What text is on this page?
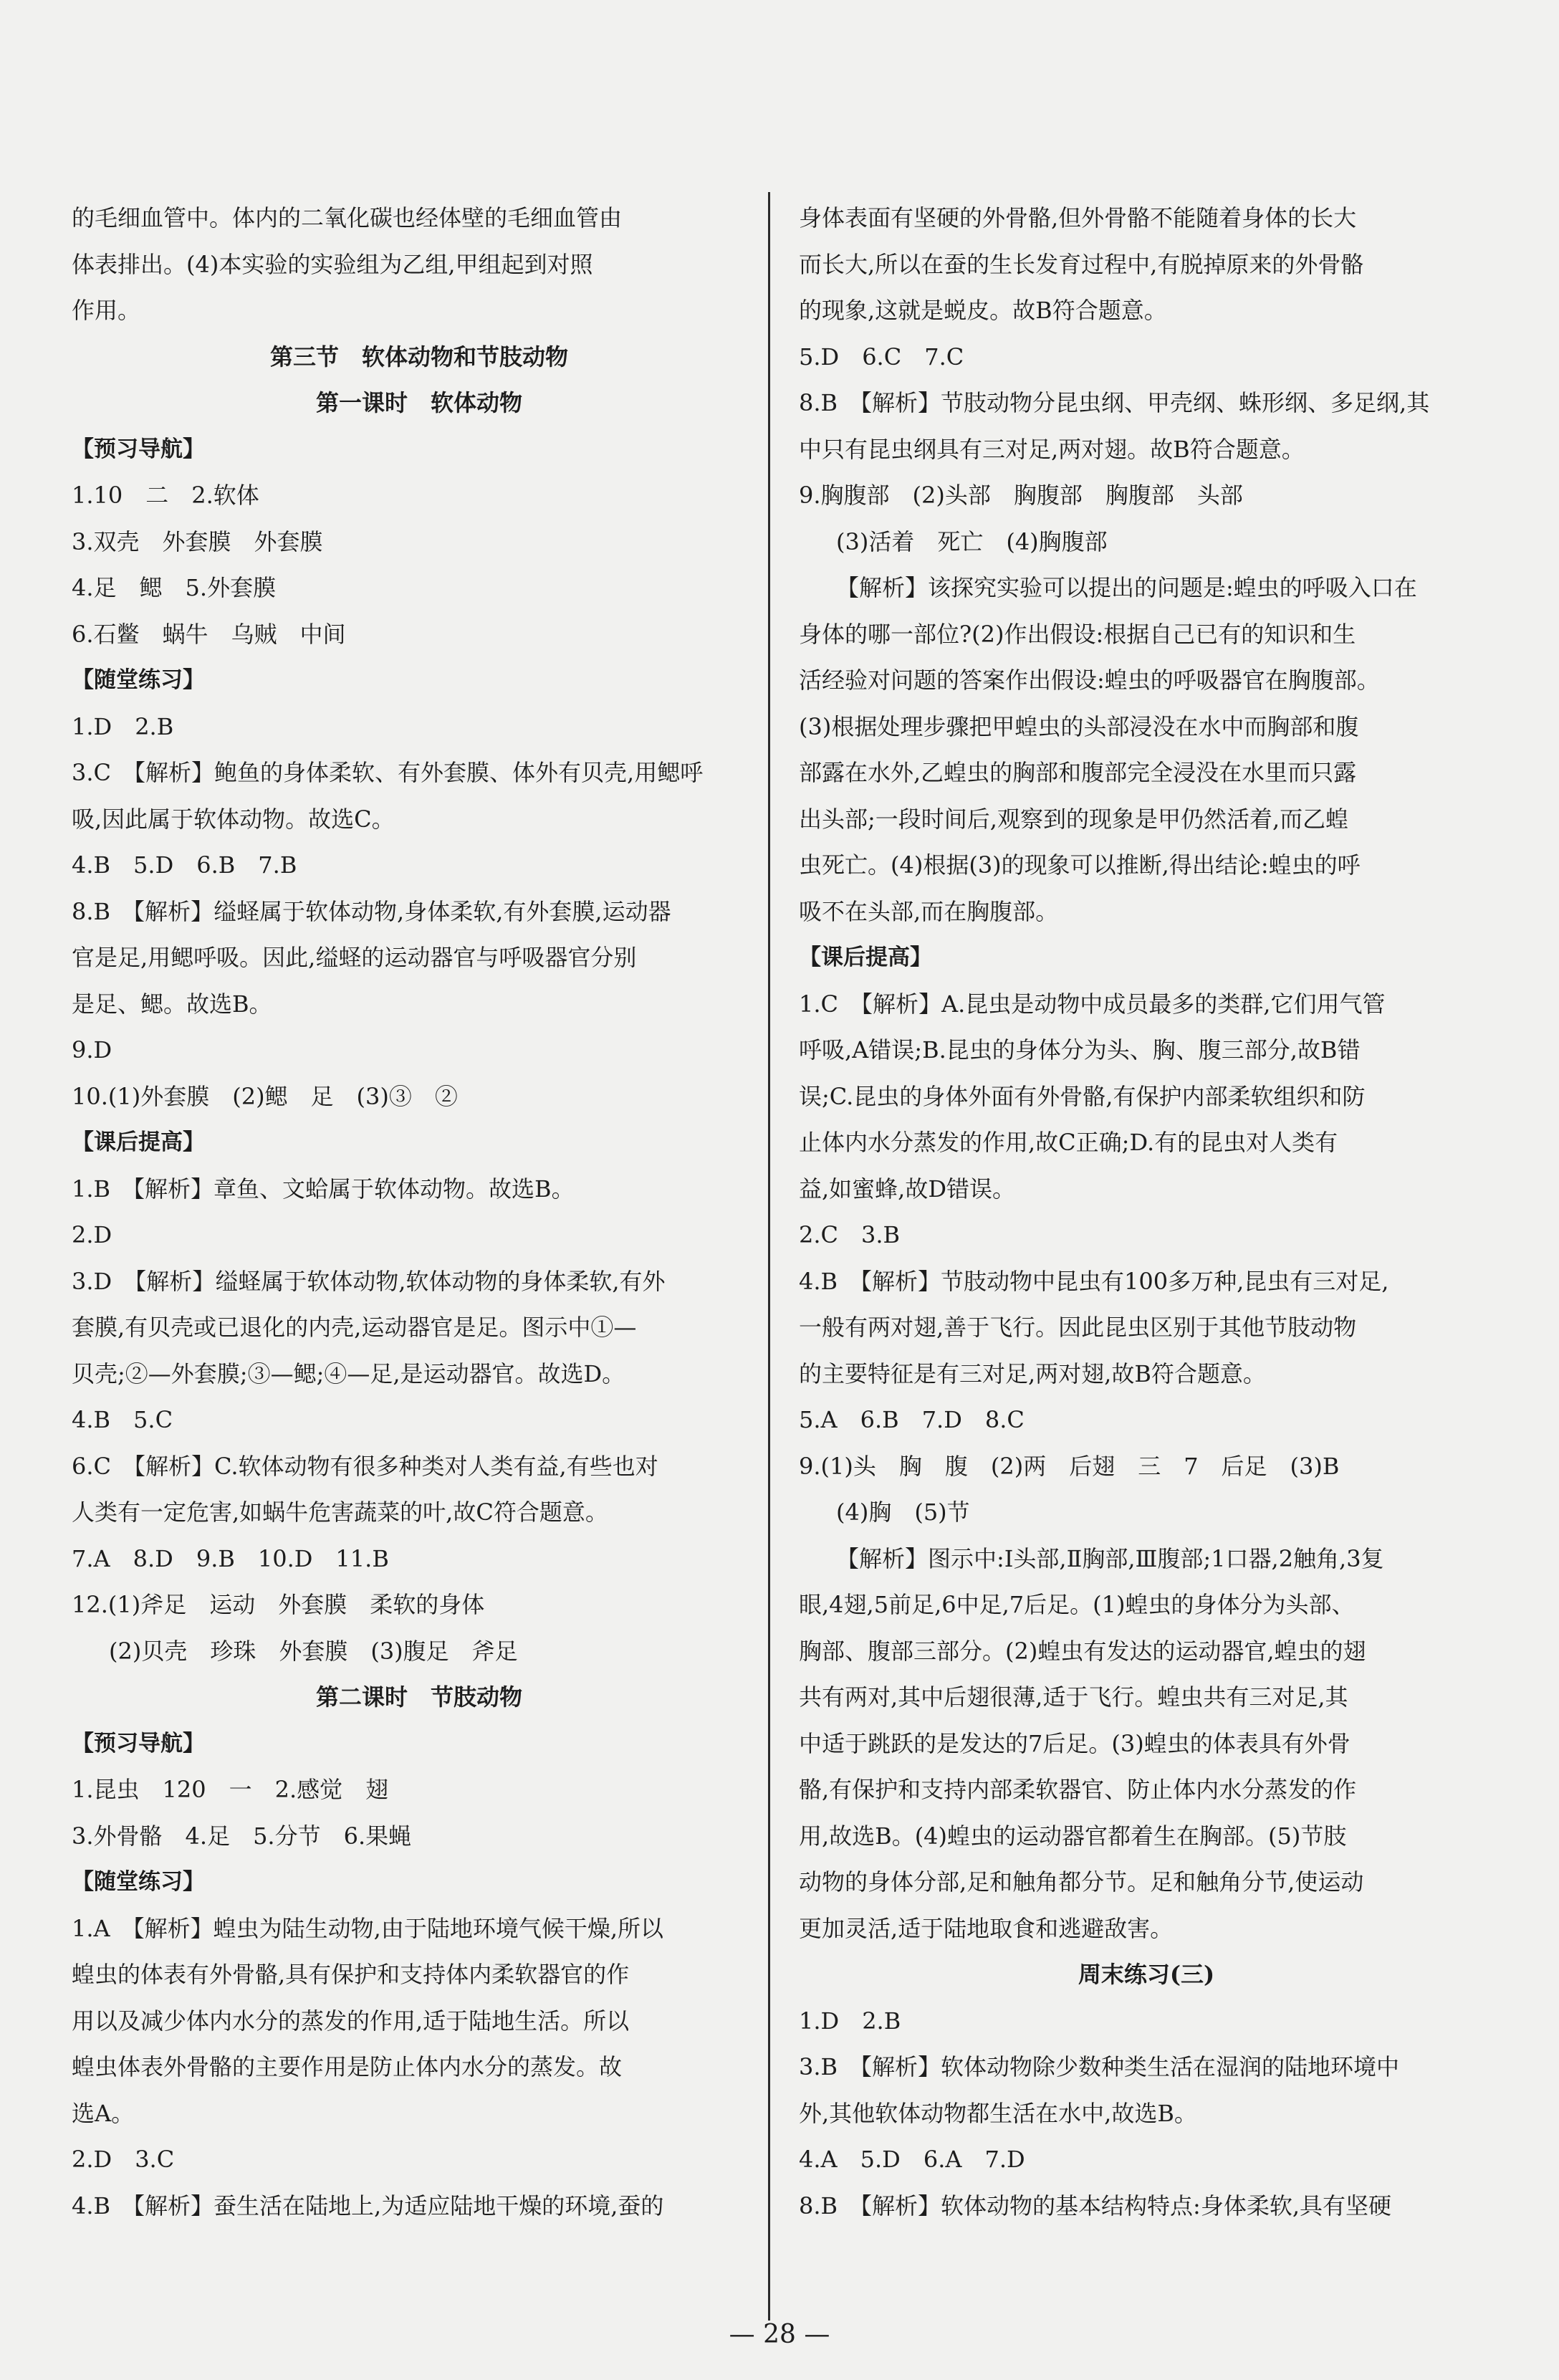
的毛细血管中。体内的二氧化碳也经体壁的毛细血管由
体表排出。(4)本实验的实验组为乙组,甲组起到对照
作用。
第三节　软体动物和节肢动物
第一课时　软体动物
【预习导航】
1.10　二　2.软体
3.双壳　外套膜　外套膜
4.足　鳃　5.外套膜
6.石鳖　蜗牛　乌贼　中间
【随堂练习】
1.D　2.B
3.C　【解析】鲍鱼的身体柔软、有外套膜、体外有贝壳,用鳃呼
吸,因此属于软体动物。故选C。
4.B　5.D　6.B　7.B
8.B　【解析】缢蛏属于软体动物,身体柔软,有外套膜,运动器
官是足,用鳃呼吸。因此,缢蛏的运动器官与呼吸器官分别
是足、鳃。故选B。
9.D
10.(1)外套膜　(2)鳃　足　(3)③　②
【课后提高】
1.B　【解析】章鱼、文蛤属于软体动物。故选B。
2.D
3.D　【解析】缢蛏属于软体动物,软体动物的身体柔软,有外
套膜,有贝壳或已退化的内壳,运动器官是足。图示中①—
贝壳;②—外套膜;③—鳃;④—足,是运动器官。故选D。
4.B　5.C
6.C　【解析】C.软体动物有很多种类对人类有益,有些也对
人类有一定危害,如蜗牛危害蔬菜的叶,故C符合题意。
7.A　8.D　9.B　10.D　11.B
12.(1)斧足　运动　外套膜　柔软的身体
(2)贝壳　珍珠　外套膜　(3)腹足　斧足
第二课时　节肢动物
【预习导航】
1.昆虫　120　一　2.感觉　翅
3.外骨骼　4.足　5.分节　6.果蝇
【随堂练习】
1.A　【解析】蝗虫为陆生动物,由于陆地环境气候干燥,所以
蝗虫的体表有外骨骼,具有保护和支持体内柔软器官的作
用以及减少体内水分的蒸发的作用,适于陆地生活。所以
蝗虫体表外骨骼的主要作用是防止体内水分的蒸发。故
选A。
2.D　3.C
4.B　【解析】蚕生活在陆地上,为适应陆地干燥的环境,蚕的
身体表面有坚硬的外骨骼,但外骨骼不能随着身体的长大
而长大,所以在蚕的生长发育过程中,有脱掉原来的外骨骼
的现象,这就是蜕皮。故B符合题意。
5.D　6.C　7.C
8.B　【解析】节肢动物分昆虫纲、甲壳纲、蛛形纲、多足纲,其
中只有昆虫纲具有三对足,两对翅。故B符合题意。
9.胸腹部　(2)头部　胸腹部　胸腹部　头部
(3)活着　死亡　(4)胸腹部
【解析】该探究实验可以提出的问题是:蝗虫的呼吸入口在
身体的哪一部位?(2)作出假设:根据自己已有的知识和生
活经验对问题的答案作出假设:蝗虫的呼吸器官在胸腹部。
(3)根据处理步骤把甲蝗虫的头部浸没在水中而胸部和腹
部露在水外,乙蝗虫的胸部和腹部完全浸没在水里而只露
出头部;一段时间后,观察到的现象是甲仍然活着,而乙蝗
虫死亡。(4)根据(3)的现象可以推断,得出结论:蝗虫的呼
吸不在头部,而在胸腹部。
【课后提高】
1.C　【解析】A.昆虫是动物中成员最多的类群,它们用气管
呼吸,A错误;B.昆虫的身体分为头、胸、腹三部分,故B错
误;C.昆虫的身体外面有外骨骼,有保护内部柔软组织和防
止体内水分蒸发的作用,故C正确;D.有的昆虫对人类有
益,如蜜蜂,故D错误。
2.C　3.B
4.B　【解析】节肢动物中昆虫有100多万种,昆虫有三对足,
一般有两对翅,善于飞行。因此昆虫区别于其他节肢动物
的主要特征是有三对足,两对翅,故B符合题意。
5.A　6.B　7.D　8.C
9.(1)头　胸　腹　(2)两　后翅　三　7　后足　(3)B
(4)胸　(5)节
【解析】图示中:Ⅰ头部,Ⅱ胸部,Ⅲ腹部;1口器,2触角,3复
眼,4翅,5前足,6中足,7后足。(1)蝗虫的身体分为头部、
胸部、腹部三部分。(2)蝗虫有发达的运动器官,蝗虫的翅
共有两对,其中后翅很薄,适于飞行。蝗虫共有三对足,其
中适于跳跃的是发达的7后足。(3)蝗虫的体表具有外骨
骼,有保护和支持内部柔软器官、防止体内水分蒸发的作
用,故选B。(4)蝗虫的运动器官都着生在胸部。(5)节肢
动物的身体分部,足和触角都分节。足和触角分节,使运动
更加灵活,适于陆地取食和逃避敌害。
周末练习(三)
1.D　2.B
3.B　【解析】软体动物除少数种类生活在湿润的陆地环境中
外,其他软体动物都生活在水中,故选B。
4.A　5.D　6.A　7.D
8.B　【解析】软体动物的基本结构特点:身体柔软,具有坚硬
— 28 —
